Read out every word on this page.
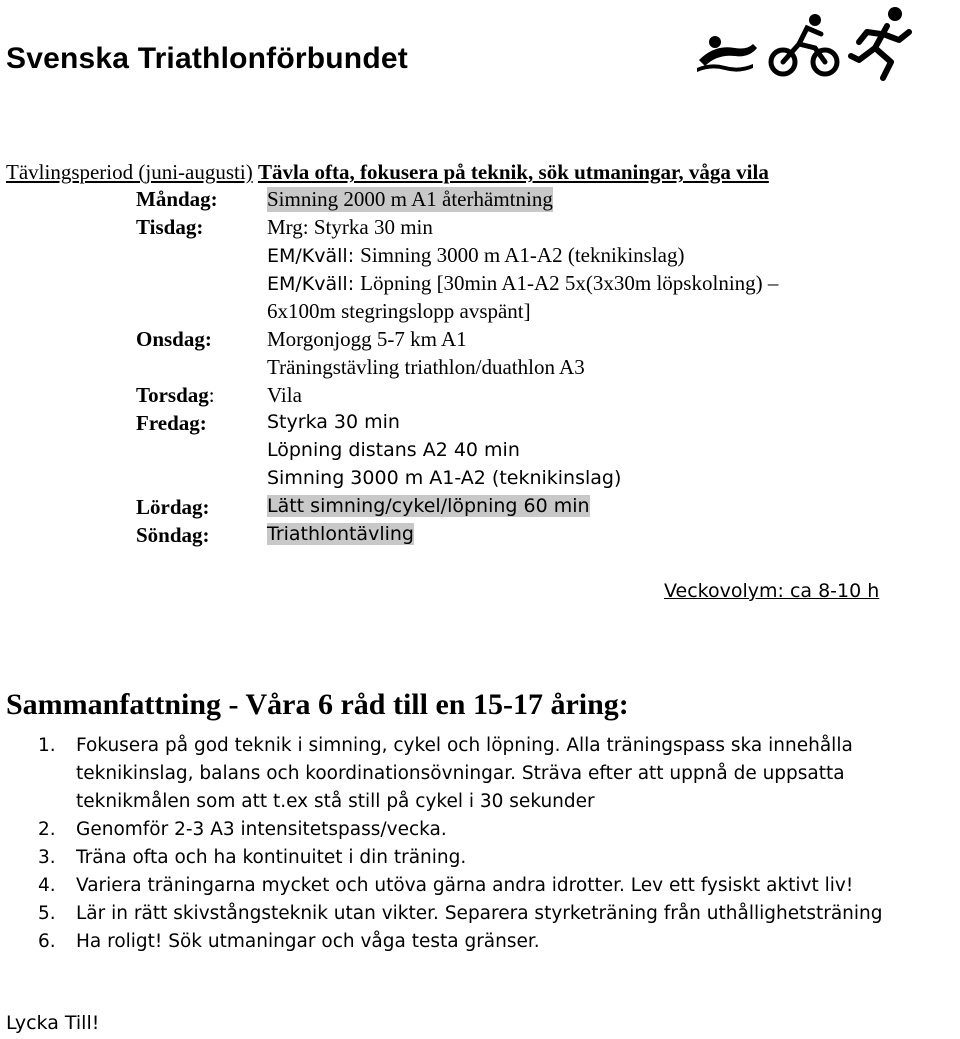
Svenska Triathlonförbundet
Tävlingsperiod (juni-augusti) Tävla ofta, fokusera på teknik, sök utmaningar, våga vila
Måndag: Simning 2000 m A1 återhämtning
Tisdag:	Mrg: Styrka 30 min
EM/Kväll: Simning 3000 m A1-A2 (teknikinslag)
EM/Kväll: Löpning [30min A1-A2 5x(3x30m löpskolning) –
6x100m stegringslopp avspänt]
Onsdag:	Morgonjogg 5-7 km A1
Träningstävling triathlon/duathlon A3
Torsdag: Vila
Fredag:	Styrka 30 min
Löpning distans A2 40 min
Simning 3000 m A1-A2 (teknikinslag)
Lördag:	Lätt simning/cykel/löpning 60 min
Söndag:	Triathlontävling
Veckovolym: ca 8-10 h
Sammanfattning - Våra 6 råd till en 15-17 åring:
1. Fokusera på god teknik i simning, cykel och löpning. Alla träningspass ska innehålla teknikinslag, balans och koordinationsövningar. Sträva efter att uppnå de uppsatta teknikmålen som att t.ex stå still på cykel i 30 sekunder
2. Genomför 2-3 A3 intensitetspass/vecka.
3. Träna ofta och ha kontinuitet i din träning.
4. Variera träningarna mycket och utöva gärna andra idrotter. Lev ett fysiskt aktivt liv!
5. Lär in rätt skivstångsteknik utan vikter. Separera styrketräning från uthållighetsträning
6. Ha roligt! Sök utmaningar och våga testa gränser.
Lycka Till!
